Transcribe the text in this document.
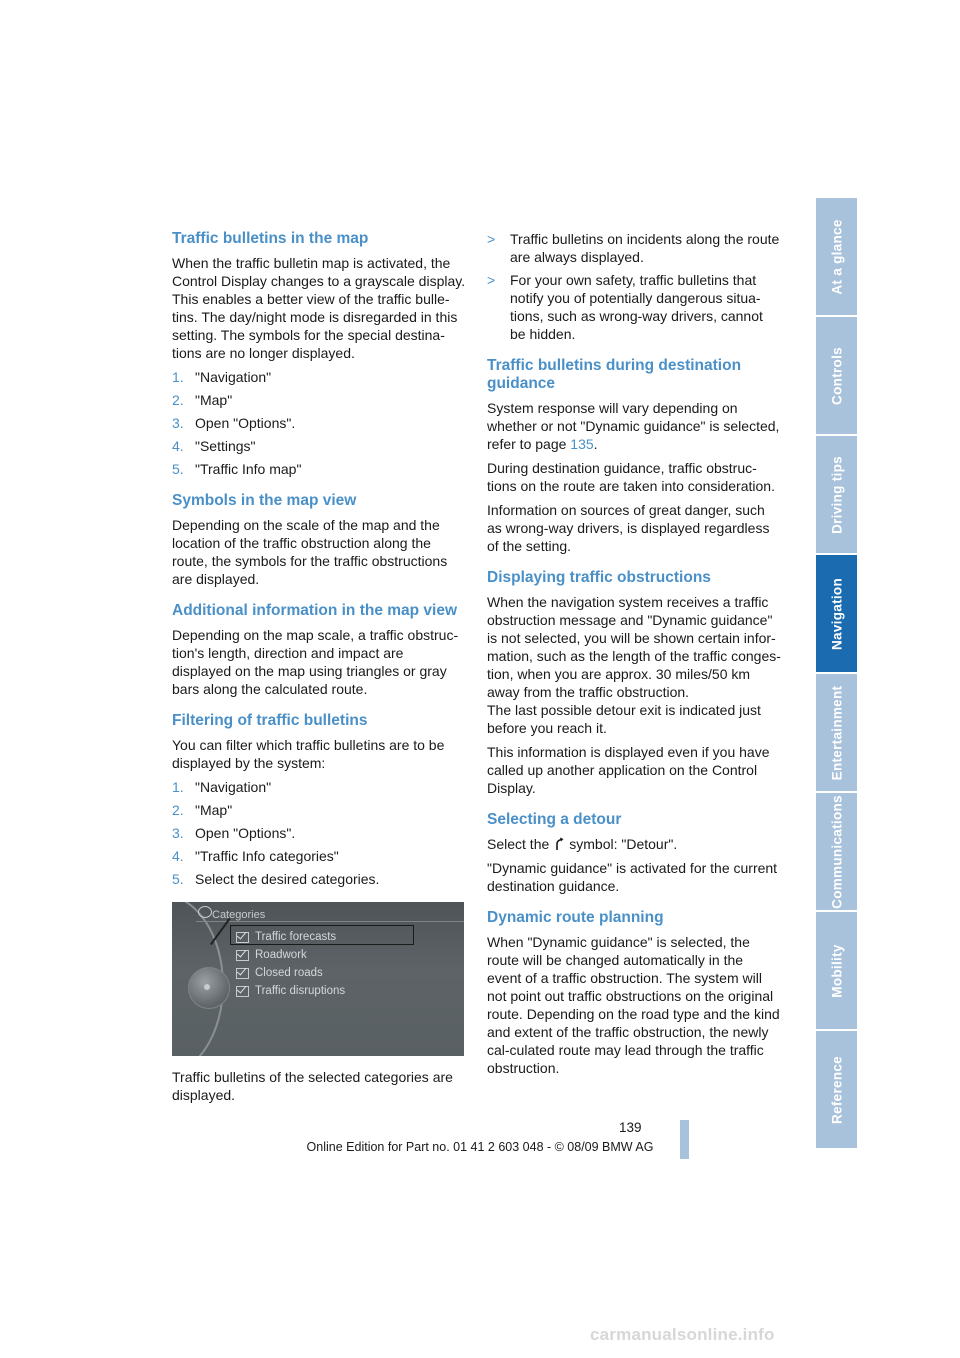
Traffic bulletins in the map

When the traffic bulletin map is activated, the Control Display changes to a grayscale display. This enables a better view of the traffic bulle-tins. The day/night mode is disregarded in this setting. The symbols for the special destina-tions are no longer displayed.

1. "Navigation"
2. "Map"
3. Open "Options".
4. "Settings"
5. "Traffic Info map"
Symbols in the map view

Depending on the scale of the map and the location of the traffic obstruction along the route, the symbols for the traffic obstructions are displayed.

Additional information in the map view

Depending on the map scale, a traffic obstruc-tion's length, direction and impact are displayed on the map using triangles or gray bars along the calculated route.

Filtering of traffic bulletins

You can filter which traffic bulletins are to be displayed by the system:

1. "Navigation"
2. "Map"
3. Open "Options".
4. "Traffic Info categories"
5. Select the desired categories.
Categories
Traffic forecasts
Roadwork
Closed roads
Traffic disruptions

Traffic bulletins of the selected categories are displayed.

>	Traffic bulletins on incidents along the route are always displayed.
>	For your own safety, traffic bulletins that notify you of potentially dangerous situa-tions, such as wrong-way drivers, cannot be hidden.
Traffic bulletins during destination guidance

System response will vary depending on whether or not "Dynamic guidance" is selected, refer to page 135.

During destination guidance, traffic obstruc-tions on the route are taken into consideration.

Information on sources of great danger, such as wrong-way drivers, is displayed regardless of the setting.

Displaying traffic obstructions

When the navigation system receives a traffic obstruction message and "Dynamic guidance" is not selected, you will be shown certain infor-mation, such as the length of the traffic conges-tion, when you are approx. 30 miles/50 km away from the traffic obstruction.

The last possible detour exit is indicated just before you reach it.

This information is displayed even if you have called up another application on the Control Display.

Selecting a detour

Select the symbol: "Detour".

"Dynamic guidance" is activated for the current destination guidance.

Dynamic route planning

When "Dynamic guidance" is selected, the route will be changed automatically in the event of a traffic obstruction. The system will not point out traffic obstructions on the original route. Depending on the road type and the kind and extent of the traffic obstruction, the newly cal-culated route may lead through the traffic obstruction.

At a glance
Controls
Driving tips
Navigation
Entertainment
Communications
Mobility
Reference
139
Online Edition for Part no. 01 41 2 603 048 - © 08/09 BMW AG
carmanualsonline.info
